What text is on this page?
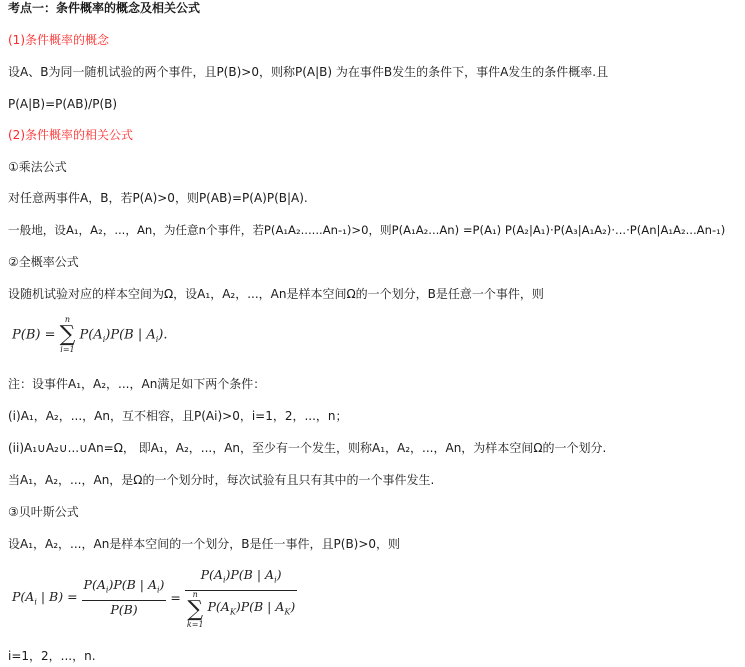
考点一：条件概率的概念及相关公式
(1)条件概率的概念
设A、B为同一随机试验的两个事件，且P(B)>0，则称P(A|B) 为在事件B发生的条件下，事件A发生的条件概率.且
P(A|B)=P(AB)/P(B)
(2)条件概率的相关公式
①乘法公式
对任意两事件A，B，若P(A)>0，则P(AB)=P(A)P(B|A).
一般地，设A₁，A₂，...，An，为任意n个事件，若P(A₁A₂......An-₁)>0，则P(A₁A₂...An) =P(A₁) P(A₂|A₁)·P(A₃|A₁A₂)·...·P(An|A₁A₂...An-₁)
②全概率公式
设随机试验对应的样本空间为Ω，设A₁，A₂，...，An是样本空间Ω的一个划分，B是任意一个事件，则
P(B) =
n
∑
i=1
$P(A_i)P(B$ | $A_i$).
注：设事件A₁，A₂，...，An满足如下两个条件：
(i)A₁，A₂，...，An，互不相容，且P(Ai)>0，i=1，2，...，n；
(ii)A₁∪A₂∪...∪An=Ω， 即A₁，A₂，...，An，至少有一个发生，则称A₁，A₂，...，An，为样本空间Ω的一个划分.
当A₁，A₂，...，An，是Ω的一个划分时，每次试验有且只有其中的一个事件发生.
③贝叶斯公式
设A₁，A₂，...，An是样本空间的一个划分，B是任一事件，且P(B)>0，则
$P(A_i$ | $B) = \frac{P(A_i)P(B | A_i)}{P(B)} = P(A_i)P(B$ | $A_i$)
n
∑
k=1
$P(A_K)P(B$ | $A_K$)
i=1，2，...，n.
